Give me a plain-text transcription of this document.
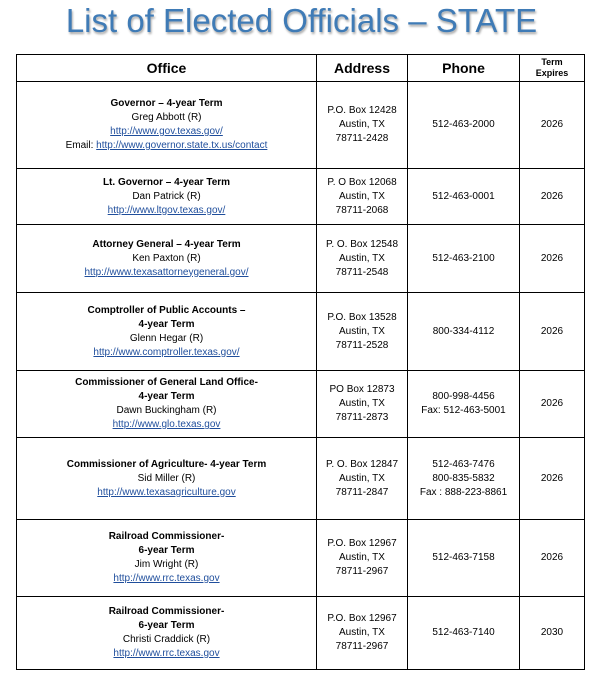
List of Elected Officials – STATE
Office	Address	Phone	Term
Expires

Governor – 4-year Term
Greg Abbott (R)
http://www.gov.texas.gov/
Email: http://www.governor.state.tx.us/contact	P.O. Box 12428
Austin, TX
78711-2428	512-463-2000	2026

Lt. Governor – 4-year Term
Dan Patrick (R)
http://www.ltgov.texas.gov/	P. O Box 12068
Austin, TX
78711-2068	512-463-0001	2026

Attorney General – 4-year Term
Ken Paxton (R)
http://www.texasattorneygeneral.gov/	P. O. Box 12548
Austin, TX
78711-2548	512-463-2100	2026

Comptroller of Public Accounts –
4-year Term
Glenn Hegar (R)
http://www.comptroller.texas.gov/	P.O. Box 13528
Austin, TX
78711-2528	800-334-4112	2026

Commissioner of General Land Office-
4-year Term
Dawn Buckingham (R)
http://www.glo.texas.gov	PO Box 12873
Austin, TX
78711-2873	800-998-4456
Fax: 512-463-5001	2026

Commissioner of Agriculture- 4-year Term
Sid Miller (R)
http://www.texasagriculture.gov	P. O. Box 12847
Austin, TX
78711-2847	512-463-7476
800-835-5832
Fax : 888-223-8861	2026

Railroad Commissioner-
6-year Term
Jim Wright (R)
http://www.rrc.texas.gov	P.O. Box 12967
Austin, TX
78711-2967	512-463-7158	2026

Railroad Commissioner-
6-year Term
Christi Craddick (R)
http://www.rrc.texas.gov	P.O. Box 12967
Austin, TX
78711-2967	512-463-7140	2030
